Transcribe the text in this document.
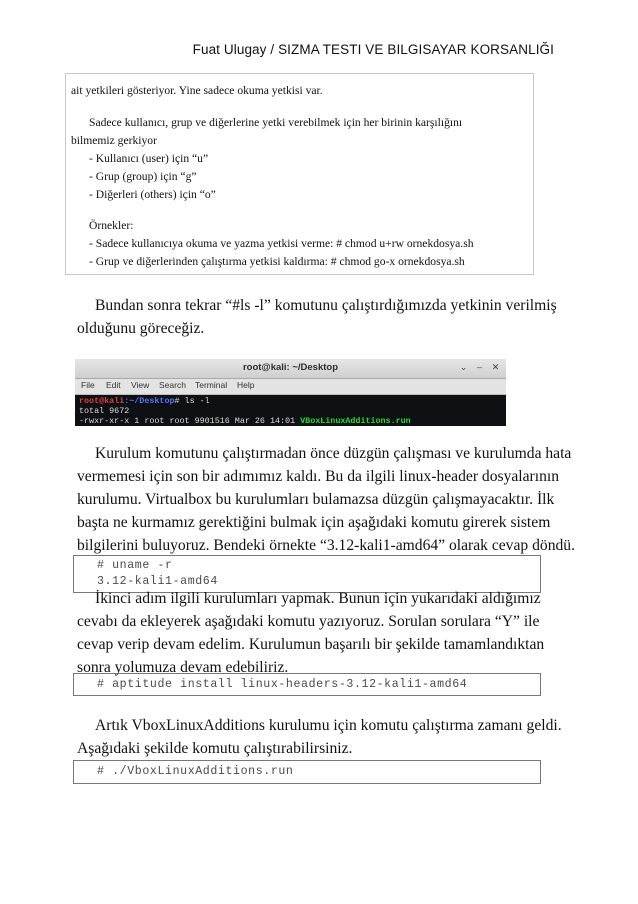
Fuat Ulugay / SIZMA TESTI VE BILGISAYAR KORSANLIĞI
ait yetkileri gösteriyor. Yine sadece okuma yetkisi var.
Sadece kullanıcı, grup ve diğerlerine yetki verebilmek için her birinin karşılığını
bilmemiz gerkiyor
- Kullanıcı (user) için “u”
- Grup (group) için “g”
- Diğerleri (others) için “o”
Örnekler:
- Sadece kullanıcıya okuma ve yazma yetkisi verme: # chmod u+rw ornekdosya.sh
- Grup ve diğerlerinden çalıştırma yetkisi kaldırma: # chmod go-x ornekdosya.sh
Bundan sonra tekrar “#ls -l” komutunu çalıştırdığımızda yetkinin verilmiş
olduğunu göreceğiz.
root@kali: ~/Desktop	⌄	‒	✕
File Edit View Search Terminal Help
root@kali:~/Desktop# ls -l
total 9672
-rwxr-xr-x 1 root root 9901516 Mar 26 14:01 VBoxLinuxAdditions.run
Kurulum komutunu çalıştırmadan önce düzgün çalışması ve kurulumda hata
vermemesi için son bir adımımız kaldı. Bu da ilgili linux-header dosyalarının
kurulumu. Virtualbox bu kurulumları bulamazsa düzgün çalışmayacaktır. İlk
başta ne kurmamız gerektiğini bulmak için aşağıdaki komutu girerek sistem
bilgilerini buluyoruz. Bendeki örnekte “3.12-kali1-amd64” olarak cevap döndü.
# uname -r
3.12-kali1-amd64
İkinci adım ilgili kurulumları yapmak. Bunun için yukarıdaki aldığımız
cevabı da ekleyerek aşağıdaki komutu yazıyoruz. Sorulan sorulara “Y” ile
cevap verip devam edelim. Kurulumun başarılı bir şekilde tamamlandıktan
sonra yolumuza devam edebiliriz.
# aptitude install linux-headers-3.12-kali1-amd64
Artık VboxLinuxAdditions kurulumu için komutu çalıştırma zamanı geldi.
Aşağıdaki şekilde komutu çalıştırabilirsiniz.
# ./VboxLinuxAdditions.run
